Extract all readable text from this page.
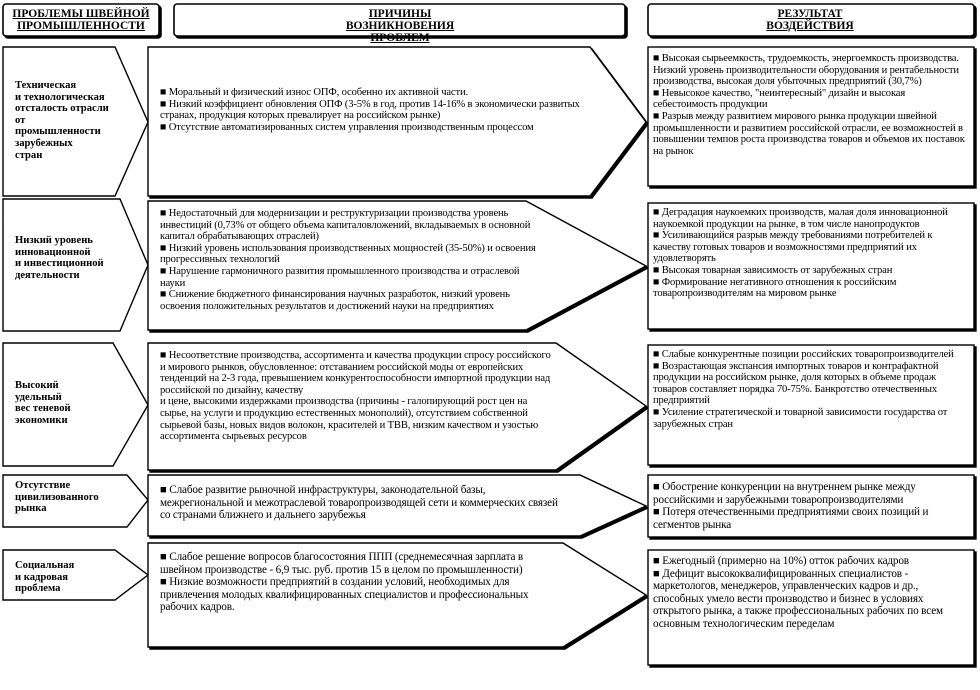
ПРОБЛЕМЫ ШВЕЙНОЙ ПРОМЫШЛЕННОСТИ
ПРИЧИНЫ ВОЗНИКНОВЕНИЯ ПРОБЛЕМ
РЕЗУЛЬТАТ ВОЗДЕЙСТВИЯ
Техническая
и технологическая
отсталость отрасли
от
промышленности
зарубежных
стран
■ Моральный и физический износ ОПФ, особенно их активной части.
■ Низкий коэффициент обновления ОПФ (3-5% в год, против 14-16% в экономически развитых странах, продукция которых превалирует на российском рынке)
■ Отсутствие автоматизированных систем управления производственным процессом
■ Высокая сырьеемкость, трудоемкость, энергоемкость производства. Низкий уровень производительности оборудования и рентабельности производства, высокая доля убыточных предприятий (30,7%)
■ Невысокое качество, "неинтересный" дизайн и высокая себестоимость продукции
■ Разрыв между развитием мирового рынка продукции швейной промышленности и развитием российской отрасли, ее возможностей в повышении темпов роста производства товаров и объемов их поставок на рынок
Низкий уровень
инновационной
и инвестиционной
деятельности
■ Недостаточный для модернизации и реструктуризации производства уровень инвестиций (0,73% от общего объема капиталовложений, вкладываемых в основной капитал обрабатывающих отраслей)
■ Низкий уровень использования производственных мощностей (35-50%) и освоения прогрессивных технологий
■ Нарушение гармоничного развития промышленного производства и отраслевой науки
■ Снижение бюджетного финансирования научных разработок, низкий уровень освоения положительных результатов и достижений науки на предприятиях
■ Деградация наукоемких производств, малая доля инновационной наукоемкой продукции на рынке, в том числе нанопродуктов
■ Усиливающийся разрыв между требованиями потребителей к качеству готовых товаров и возможностями предприятий их удовлетворять
■ Высокая товарная зависимость от зарубежных стран
■ Формирование негативного отношения к российским товаропроизводителям на мировом рынке
Высокий
удельный
вес теневой
экономики
■ Несоответствие производства, ассортимента и качества продукции спросу российского и мирового рынков, обусловленное: отставанием российской моды от европейских тенденций на 2-3 года, превышением конкурентоспособности импортной продукции над российской по дизайну, качеству
и цене, высокими издержками производства (причины - галопирующий рост цен на сырье, на услуги и продукцию естественных монополий), отсутствием собственной сырьевой базы, новых видов волокон, красителей и ТВВ, низким качеством и узостью ассортимента сырьевых ресурсов
■ Слабые конкурентные позиции российских товаропроизводителей
■ Возрастающая экспансия импортных товаров и контрафактной продукции на российском рынке, доля которых в объеме продаж товаров составляет порядка 70-75%. Банкротство отечественных предприятий
■ Усиление стратегической и товарной зависимости государства от зарубежных стран
Отсутствие
цивилизованного
рынка
■ Слабое развитие рыночной инфраструктуры, законодательной базы, межрегиональной и межотраслевой товаропроизводящей сети и коммерческих связей со странами ближнего и дальнего зарубежья
■ Обострение конкуренции на внутреннем рынке между российскими и зарубежными товаропроизводителями
■ Потеря отечественными предприятиями своих позиций и сегментов рынка
Социальная
и кадровая
проблема
■ Слабое решение вопросов благосостояния ППП (среднемесячная зарплата в швейном производстве - 6,9 тыс. руб. против 15 в целом по промышленности)
■ Низкие возможности предприятий в создании условий, необходимых для привлечения молодых квалифицированных специалистов и профессиональных рабочих кадров.
■ Ежегодный (примерно на 10%) отток рабочих кадров
■ Дефицит высококвалифицированных специалистов - маркетологов, менеджеров, управленческих кадров и др., способных умело вести производство и бизнес в условиях открытого рынка, а также профессиональных рабочих по всем основным технологическим переделам
